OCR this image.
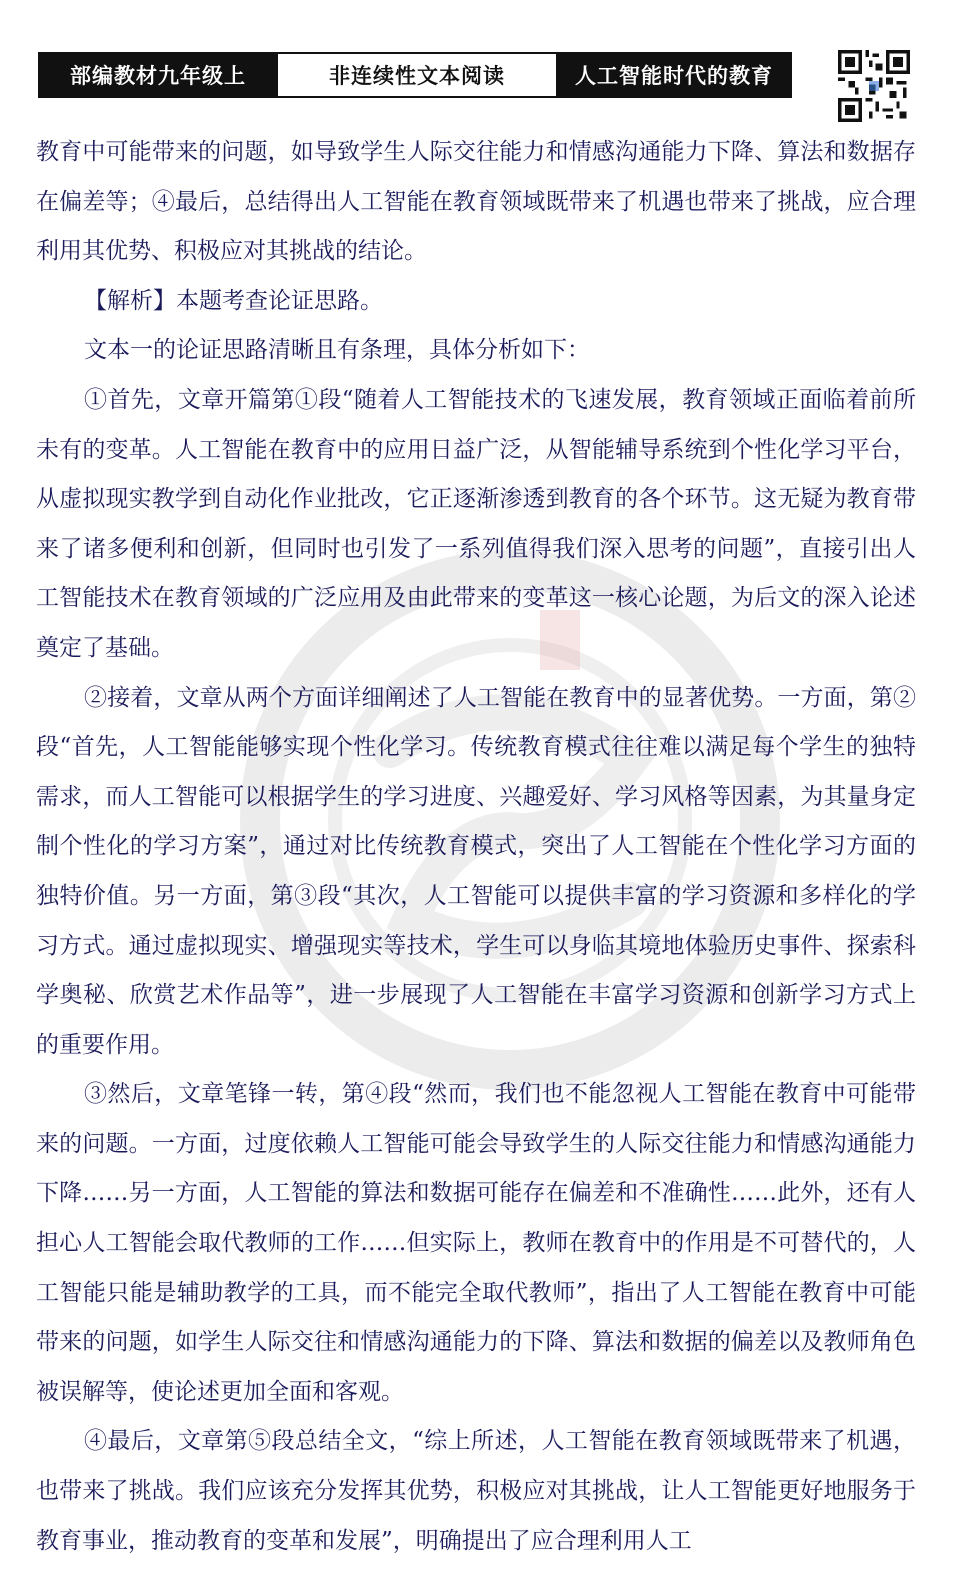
部编教材九年级上	非连续性文本阅读	人工智能时代的教育

教育中可能带来的问题，如导致学生人际交往能力和情感沟通能力下降、算法和数据存在偏差等；④最后，总结得出人工智能在教育领域既带来了机遇也带来了挑战，应合理利用其优势、积极应对其挑战的结论。

【解析】本题考查论证思路。

文本一的论证思路清晰且有条理，具体分析如下：

①首先，文章开篇第①段“随着人工智能技术的飞速发展，教育领域正面临着前所未有的变革。人工智能在教育中的应用日益广泛，从智能辅导系统到个性化学习平台，从虚拟现实教学到自动化作业批改，它正逐渐渗透到教育的各个环节。这无疑为教育带来了诸多便利和创新，但同时也引发了一系列值得我们深入思考的问题”，直接引出人工智能技术在教育领域的广泛应用及由此带来的变革这一核心论题，为后文的深入论述奠定了基础。

②接着，文章从两个方面详细阐述了人工智能在教育中的显著优势。一方面，第②段“首先，人工智能能够实现个性化学习。传统教育模式往往难以满足每个学生的独特需求，而人工智能可以根据学生的学习进度、兴趣爱好、学习风格等因素，为其量身定制个性化的学习方案”，通过对比传统教育模式，突出了人工智能在个性化学习方面的独特价值。另一方面，第③段“其次，人工智能可以提供丰富的学习资源和多样化的学习方式。通过虚拟现实、增强现实等技术，学生可以身临其境地体验历史事件、探索科学奥秘、欣赏艺术作品等”，进一步展现了人工智能在丰富学习资源和创新学习方式上的重要作用。

③然后，文章笔锋一转，第④段“然而，我们也不能忽视人工智能在教育中可能带来的问题。一方面，过度依赖人工智能可能会导致学生的人际交往能力和情感沟通能力下降……另一方面，人工智能的算法和数据可能存在偏差和不准确性……此外，还有人担心人工智能会取代教师的工作……但实际上，教师在教育中的作用是不可替代的，人工智能只能是辅助教学的工具，而不能完全取代教师”，指出了人工智能在教育中可能带来的问题，如学生人际交往和情感沟通能力的下降、算法和数据的偏差以及教师角色被误解等，使论述更加全面和客观。

④最后，文章第⑤段总结全文，“综上所述，人工智能在教育领域既带来了机遇，也带来了挑战。我们应该充分发挥其优势，积极应对其挑战，让人工智能更好地服务于教育事业，推动教育的变革和发展”，明确提出了应合理利用人工
